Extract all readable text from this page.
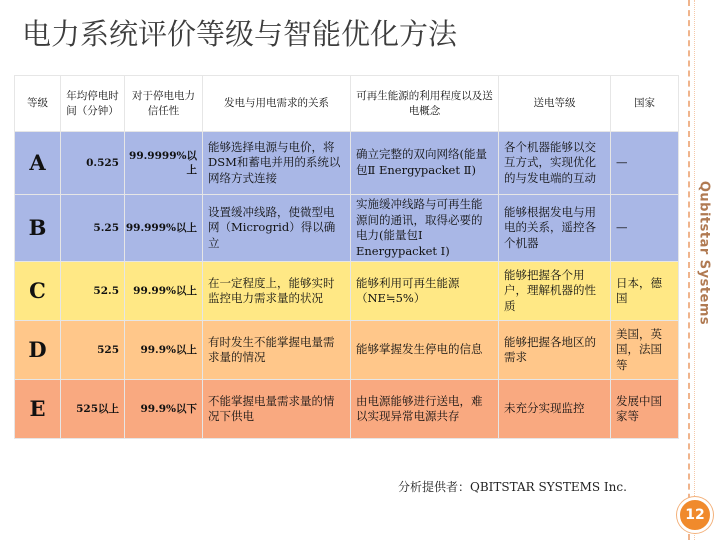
电力系统评价等级与智能优化方法
Qubitstar Systems
12
等级	年均停电时间（分钟）	对于停电电力信任性	发电与用电需求的关系	可再生能源的利用程度以及送电概念	送电等级	国家
A	0.525	99.9999%以上	能够选择电源与电价，将DSM和蓄电并用的系统以网络方式连接	确立完整的双向网络(能量包Ⅱ Energypacket Ⅱ)	各个机器能够以交互方式，实现优化的与发电端的互动	—
B	5.25	99.999%以上	设置缓冲线路，使微型电网（Microgrid）得以确立	实施缓冲线路与可再生能源间的通讯，取得必要的电力(能量包Ⅰ Energypacket Ⅰ)	能够根据发电与用电的关系，遥控各个机器	—
C	52.5	99.99%以上	在一定程度上，能够实时监控电力需求量的状况	能够利用可再生能源（NE≒5%）	能够把握各个用户，理解机器的性质	日本，德国
D	525	99.9%以上	有时发生不能掌握电量需求量的情况	能够掌握发生停电的信息	能够把握各地区的需求	美国，英国，法国等
E	525以上	99.9%以下	不能掌握电量需求量的情况下供电	由电源能够进行送电，难以实现异常电源共存	未充分实现监控	发展中国家等
分析提供者：QBITSTAR SYSTEMS Inc.
